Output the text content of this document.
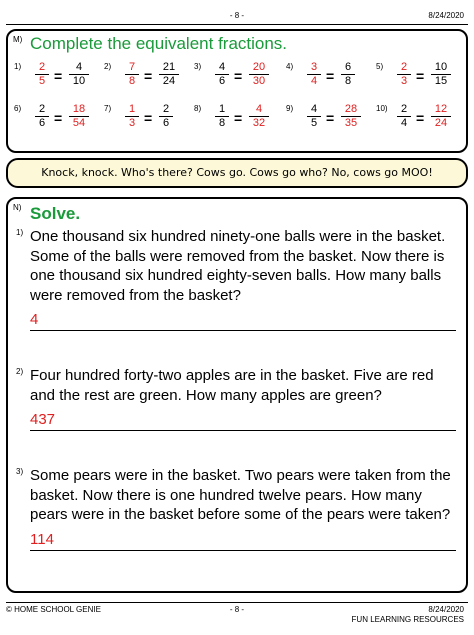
- 8 -	8/24/2020
M) Complete the equivalent fractions.
1)	2
5 =
4
10
2)	7
8 =
21
24
3)	4
6 =
20
30
4)	3
4 =
6
8
5)	2
3 =
10
15
6)	2
6 =
18
54
7)	1
3 =
2
6
8)	1
8 =
4
32
9)	4
5 =
28
35
10)	2
4 =
12
24
Knock, knock. Who's there? Cows go. Cows go who? No, cows go MOO!
N) Solve.
1) One thousand six hundred ninety-one balls were in the basket. Some of the balls were removed from the basket. Now there is one thousand six hundred eighty-seven balls. How many balls were removed from the basket?
4
2) Four hundred forty-two apples are in the basket. Five are red and the rest are green. How many apples are green?
437
3) Some pears were in the basket. Two pears were taken from the basket. Now there is one hundred twelve pears. How many pears were in the basket before some of the pears were taken?
114
© HOME SCHOOL GENIE	- 8 -	8/24/2020
FUN LEARNING RESOURCES
